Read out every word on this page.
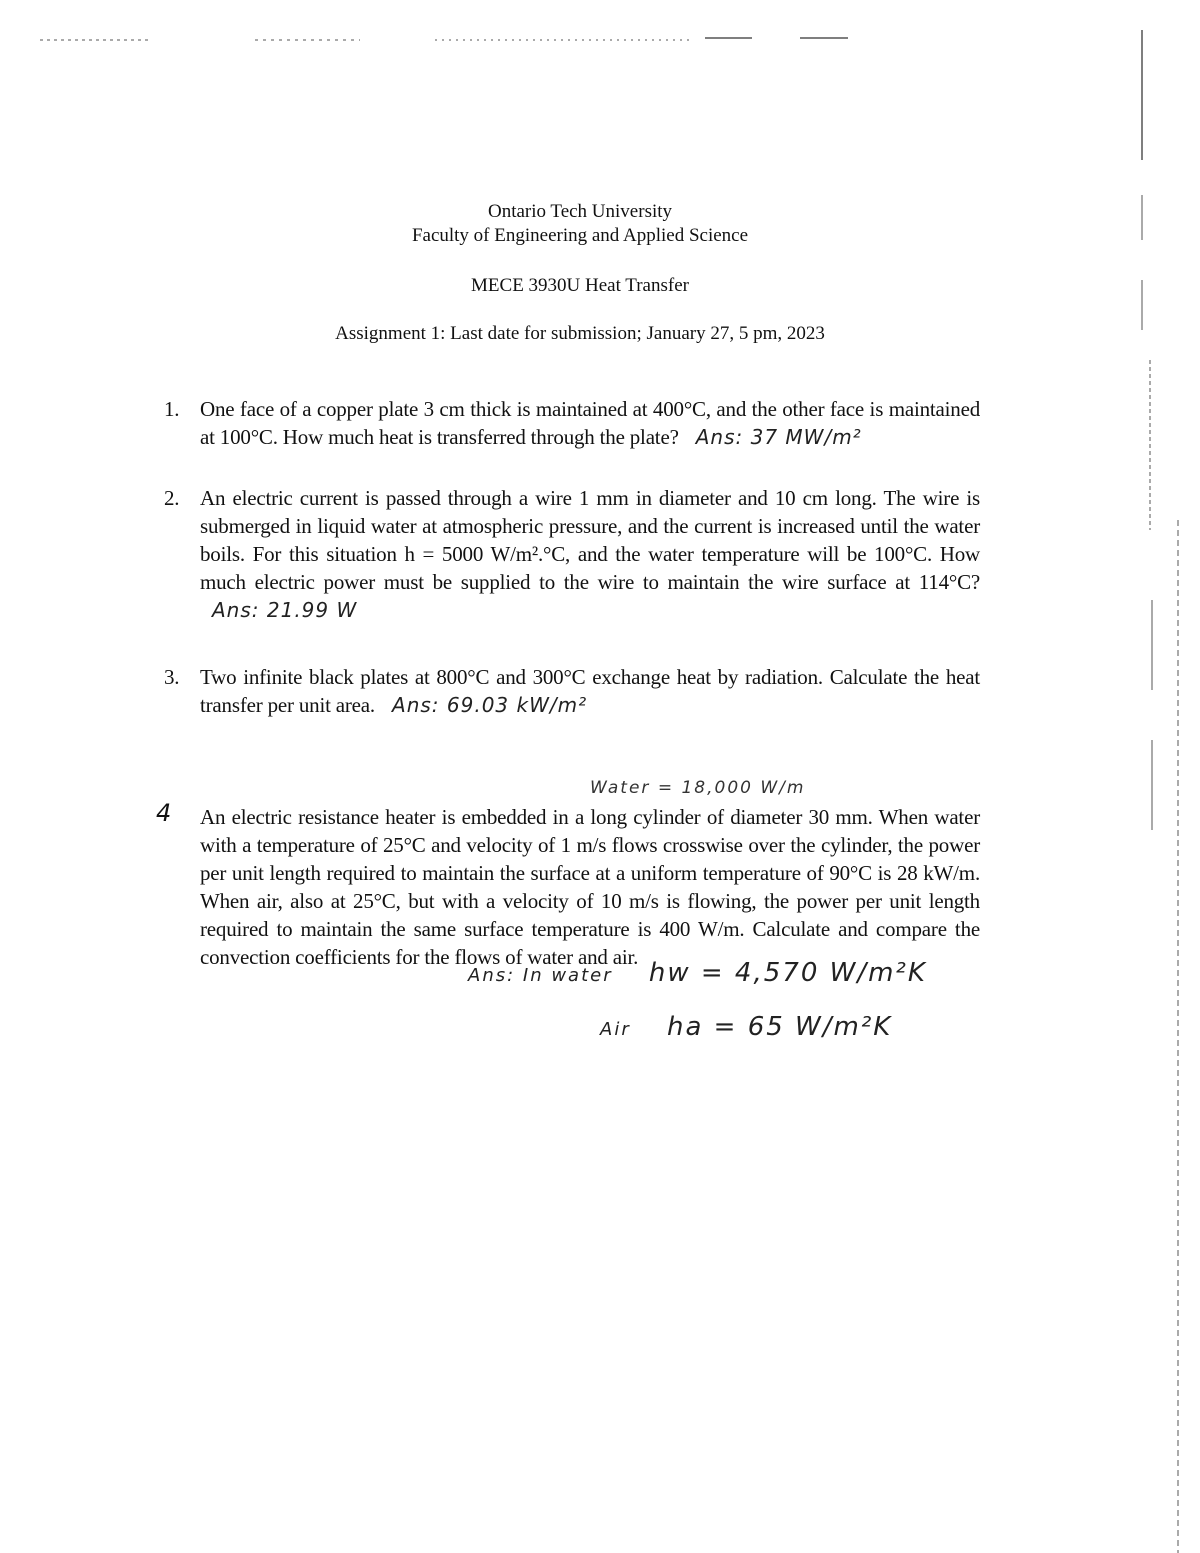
Ontario Tech University
Faculty of Engineering and Applied Science
MECE 3930U Heat Transfer
Assignment 1: Last date for submission; January 27, 5 pm, 2023
1. One face of a copper plate 3 cm thick is maintained at 400°C, and the other face is maintained at 100°C. How much heat is transferred through the plate? Ans: 37 MW/m²
2. An electric current is passed through a wire 1 mm in diameter and 10 cm long. The wire is submerged in liquid water at atmospheric pressure, and the current is increased until the water boils. For this situation h = 5000 W/m².°C, and the water temperature will be 100°C. How much electric power must be supplied to the wire to maintain the wire surface at 114°C? Ans: 21.99 W
3. Two infinite black plates at 800°C and 300°C exchange heat by radiation. Calculate the heat transfer per unit area. Ans: 69.03 kW/m²
Water = 18,000 W/m
4 An electric resistance heater is embedded in a long cylinder of diameter 30 mm. When water with a temperature of 25°C and velocity of 1 m/s flows crosswise over the cylinder, the power per unit length required to maintain the surface at a uniform temperature of 90°C is 28 kW/m. When air, also at 25°C, but with a velocity of 10 m/s is flowing, the power per unit length required to maintain the same surface temperature is 400 W/m. Calculate and compare the convection coefficients for the flows of water and air.
Ans: In water hw = 4,570 W/m²K
Air ha = 65 W/m²K
